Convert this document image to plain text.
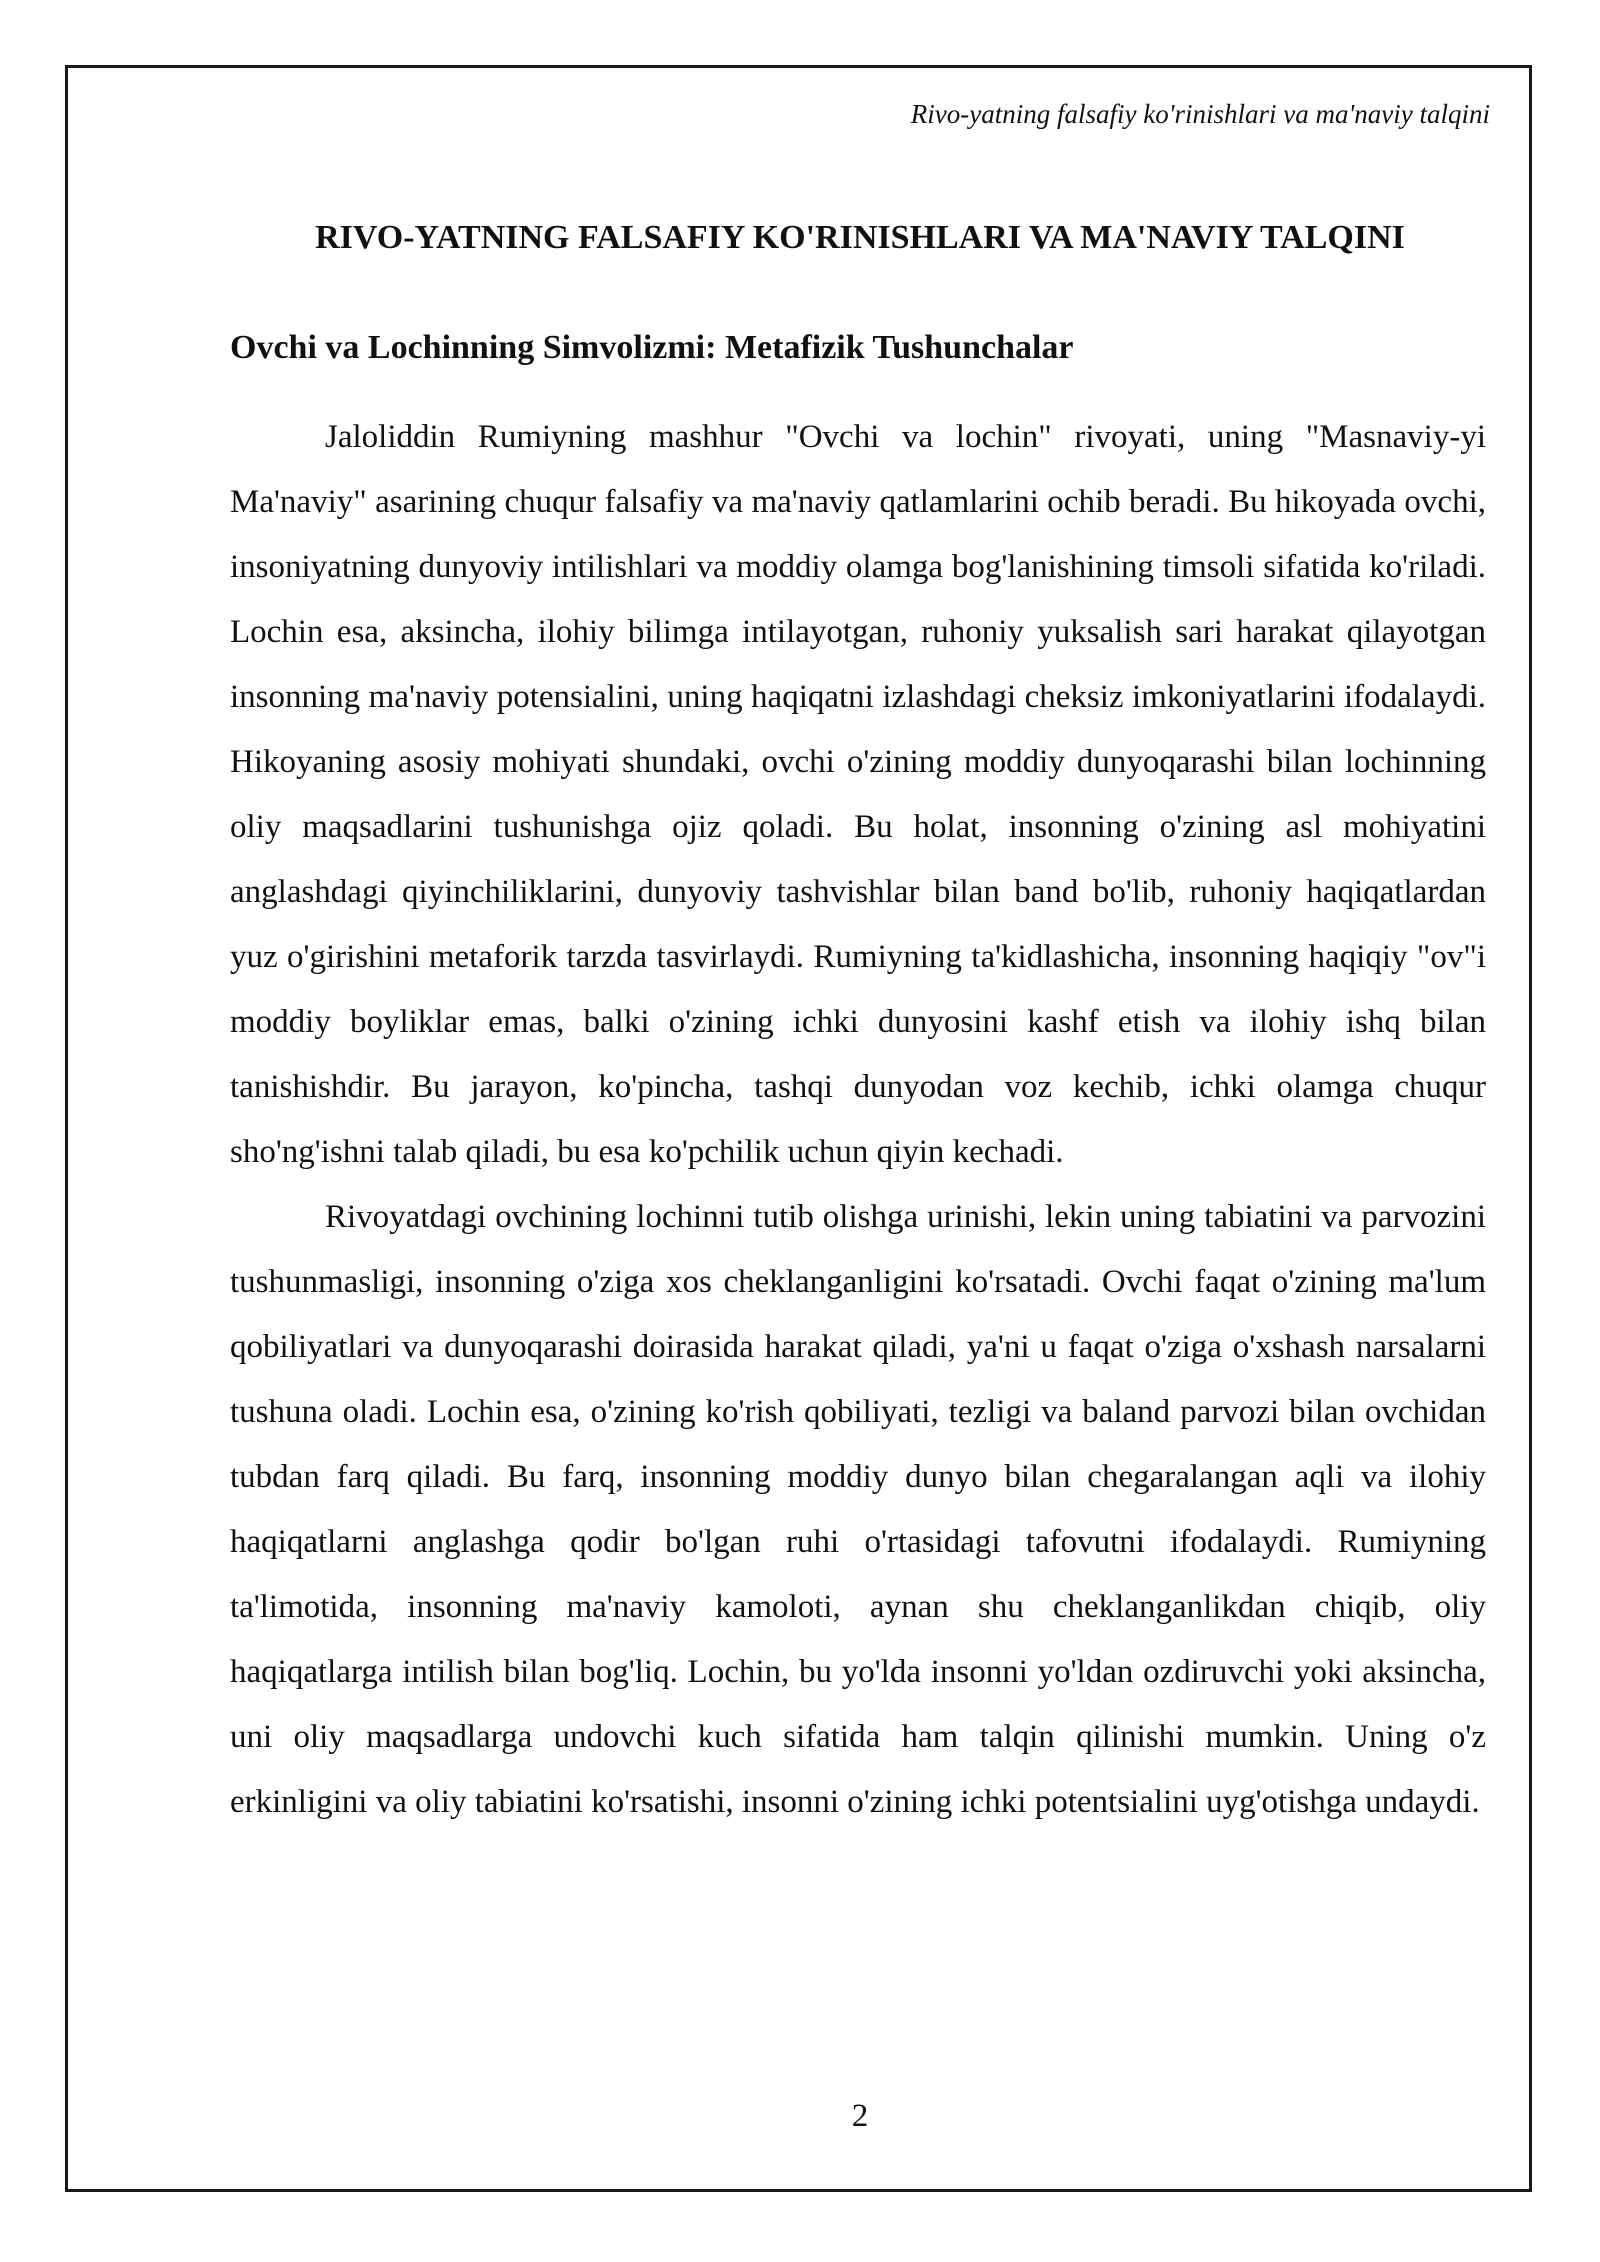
Rivo-yatning falsafiy ko'rinishlari va ma'naviy talqini
RIVO-YATNING FALSAFIY KO'RINISHLARI VA MA'NAVIY TALQINI
Ovchi va Lochinning Simvolizmi: Metafizik Tushunchalar

Jaloliddin Rumiyning mashhur "Ovchi va lochin" rivoyati, uning "Masnaviy-yi Ma'naviy" asarining chuqur falsafiy va ma'naviy qatlamlarini ochib beradi. Bu hikoyada ovchi, insoniyatning dunyoviy intilishlari va moddiy olamga bog'lanishining timsoli sifatida ko'riladi. Lochin esa, aksincha, ilohiy bilimga intilayotgan, ruhoniy yuksalish sari harakat qilayotgan insonning ma'naviy potensialini, uning haqiqatni izlashdagi cheksiz imkoniyatlarini ifodalaydi. Hikoyaning asosiy mohiyati shundaki, ovchi o'zining moddiy dunyoqarashi bilan lochinning oliy maqsadlarini tushunishga ojiz qoladi. Bu holat, insonning o'zining asl mohiyatini anglashdagi qiyinchiliklarini, dunyoviy tashvishlar bilan band bo'lib, ruhoniy haqiqatlardan yuz o'girishini metaforik tarzda tasvirlaydi. Rumiyning ta'kidlashicha, insonning haqiqiy "ov"i moddiy boyliklar emas, balki o'zining ichki dunyosini kashf etish va ilohiy ishq bilan tanishishdir. Bu jarayon, ko'pincha, tashqi dunyodan voz kechib, ichki olamga chuqur sho'ng'ishni talab qiladi, bu esa ko'pchilik uchun qiyin kechadi.

Rivoyatdagi ovchining lochinni tutib olishga urinishi, lekin uning tabiatini va parvozini tushunmasligi, insonning o'ziga xos cheklanganligini ko'rsatadi. Ovchi faqat o'zining ma'lum qobiliyatlari va dunyoqarashi doirasida harakat qiladi, ya'ni u faqat o'ziga o'xshash narsalarni tushuna oladi. Lochin esa, o'zining ko'rish qobiliyati, tezligi va baland parvozi bilan ovchidan tubdan farq qiladi. Bu farq, insonning moddiy dunyo bilan chegaralangan aqli va ilohiy haqiqatlarni anglashga qodir bo'lgan ruhi o'rtasidagi tafovutni ifodalaydi. Rumiyning ta'limotida, insonning ma'naviy kamoloti, aynan shu cheklanganlikdan chiqib, oliy haqiqatlarga intilish bilan bog'liq. Lochin, bu yo'lda insonni yo'ldan ozdiruvchi yoki aksincha, uni oliy maqsadlarga undovchi kuch sifatida ham talqin qilinishi mumkin. Uning o'z erkinligini va oliy tabiatini ko'rsatishi, insonni o'zining ichki potentsialini uyg'otishga undaydi.

2
